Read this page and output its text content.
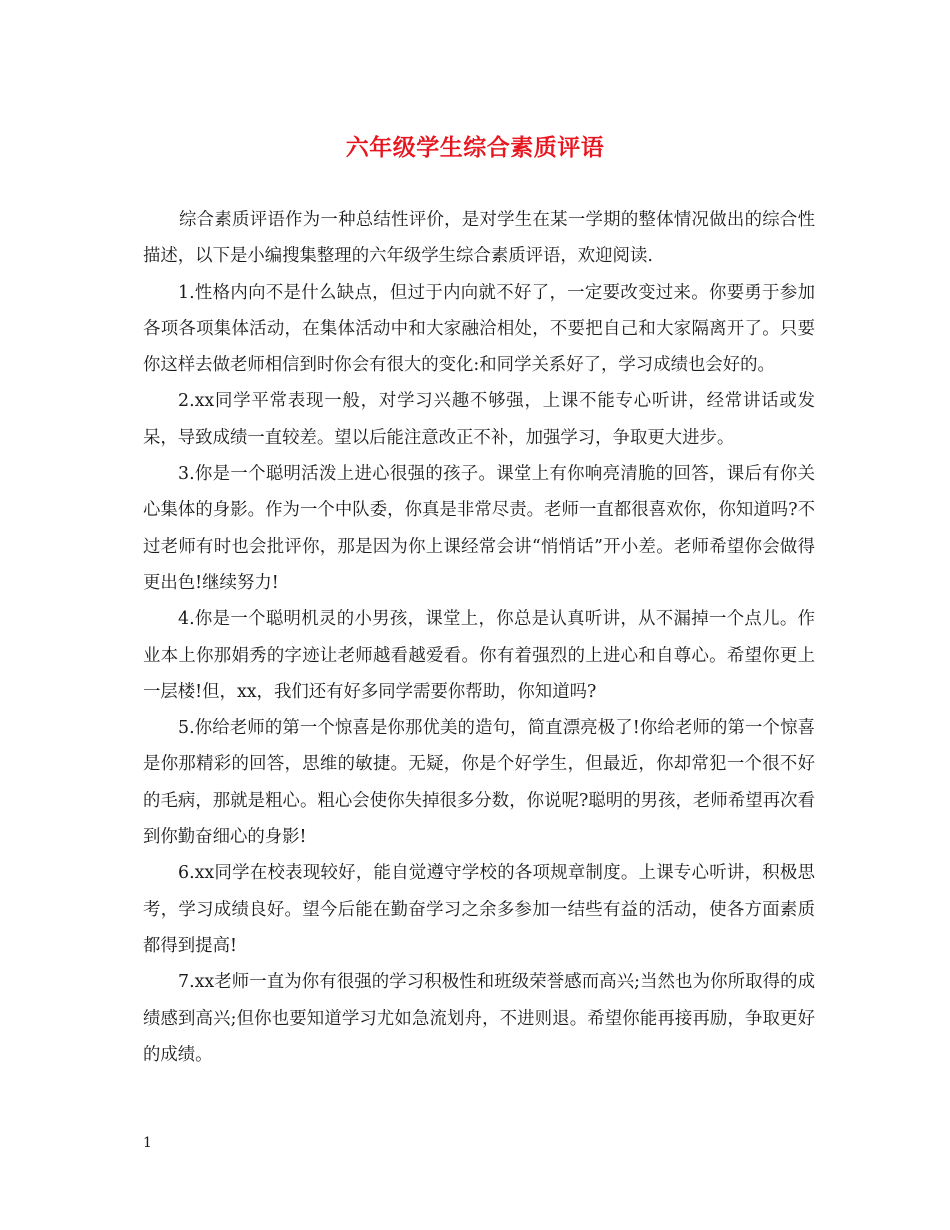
六年级学生综合素质评语

综合素质评语作为一种总结性评价，是对学生在某一学期的整体情况做出的综合性描述，以下是小编搜集整理的六年级学生综合素质评语，欢迎阅读.

1.性格内向不是什么缺点，但过于内向就不好了，一定要改变过来。你要勇于参加各项各项集体活动，在集体活动中和大家融洽相处，不要把自己和大家隔离开了。只要你这样去做老师相信到时你会有很大的变化:和同学关系好了，学习成绩也会好的。

2.xx同学平常表现一般，对学习兴趣不够强，上课不能专心听讲，经常讲话或发呆，导致成绩一直较差。望以后能注意改正不补，加强学习，争取更大进步。

3.你是一个聪明活泼上进心很强的孩子。课堂上有你响亮清脆的回答，课后有你关心集体的身影。作为一个中队委，你真是非常尽责。老师一直都很喜欢你，你知道吗?不过老师有时也会批评你，那是因为你上课经常会讲“悄悄话”开小差。老师希望你会做得更出色!继续努力!

4.你是一个聪明机灵的小男孩，课堂上，你总是认真听讲，从不漏掉一个点儿。作业本上你那娟秀的字迹让老师越看越爱看。你有着强烈的上进心和自尊心。希望你更上一层楼!但，xx，我们还有好多同学需要你帮助，你知道吗?

5.你给老师的第一个惊喜是你那优美的造句，简直漂亮极了!你给老师的第一个惊喜是你那精彩的回答，思维的敏捷。无疑，你是个好学生，但最近，你却常犯一个很不好的毛病，那就是粗心。粗心会使你失掉很多分数，你说呢?聪明的男孩，老师希望再次看到你勤奋细心的身影!

6.xx同学在校表现较好，能自觉遵守学校的各项规章制度。上课专心听讲，积极思考，学习成绩良好。望今后能在勤奋学习之余多参加一结些有益的活动，使各方面素质都得到提高!

7.xx老师一直为你有很强的学习积极性和班级荣誉感而高兴;当然也为你所取得的成绩感到高兴;但你也要知道学习尤如急流划舟，不进则退。希望你能再接再励，争取更好的成绩。

1
